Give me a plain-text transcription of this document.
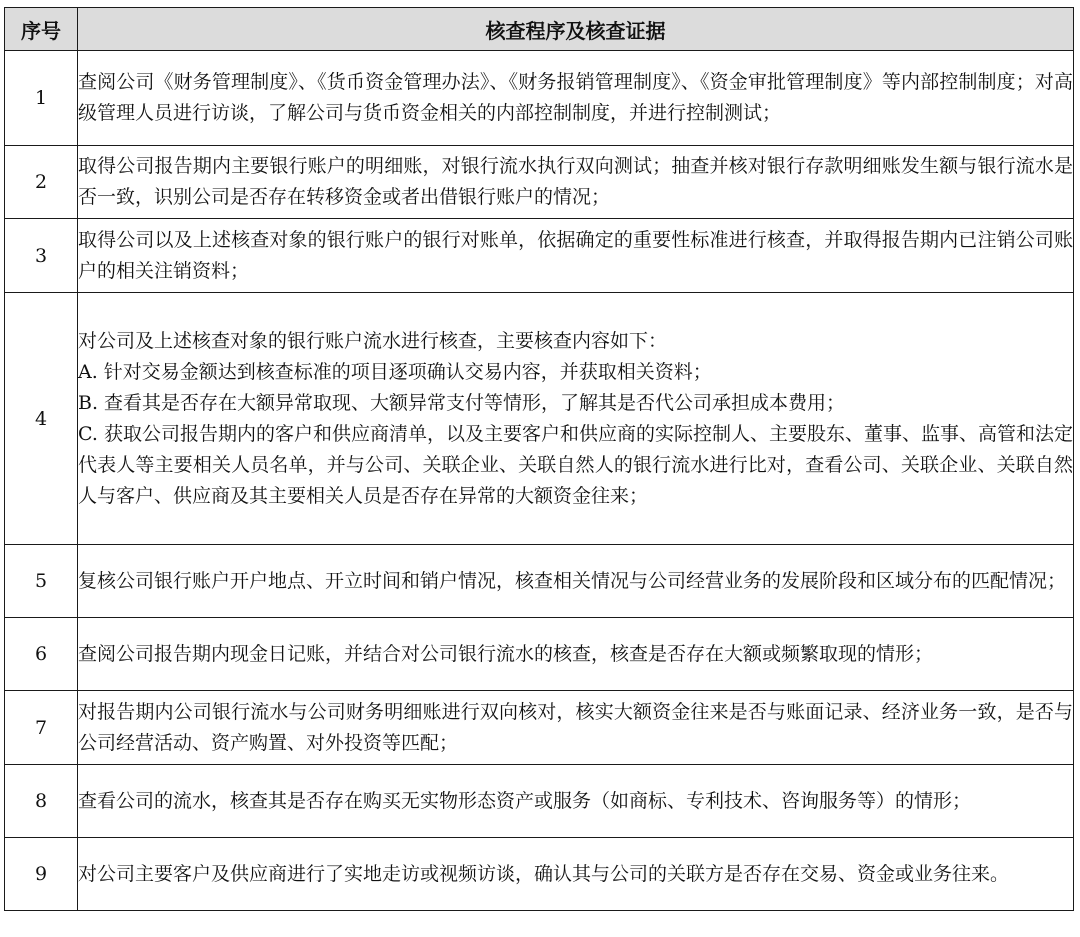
序号	核查程序及核查证据
1	查阅公司《财务管理制度》、《货币资金管理办法》、《财务报销管理制度》、《资金审批管理制度》等内部控制制度；对高级管理人员进行访谈，了解公司与货币资金相关的内部控制制度，并进行控制测试；

2	取得公司报告期内主要银行账户的明细账，对银行流水执行双向测试；抽查并核对银行存款明细账发生额与银行流水是否一致，识别公司是否存在转移资金或者出借银行账户的情况；

3	取得公司以及上述核查对象的银行账户的银行对账单，依据确定的重要性标准进行核查，并取得报告期内已注销公司账户的相关注销资料；

4	对公司及上述核查对象的银行账户流水进行核查，主要核查内容如下：
A. 针对交易金额达到核查标准的项目逐项确认交易内容，并获取相关资料；
B. 查看其是否存在大额异常取现、大额异常支付等情形，了解其是否代公司承担成本费用；
C. 获取公司报告期内的客户和供应商清单，以及主要客户和供应商的实际控制人、主要股东、董事、监事、高管和法定代表人等主要相关人员名单，并与公司、关联企业、关联自然人的银行流水进行比对，查看公司、关联企业、关联自然人与客户、供应商及其主要相关人员是否存在异常的大额资金往来；

5	复核公司银行账户开户地点、开立时间和销户情况，核查相关情况与公司经营业务的发展阶段和区域分布的匹配情况；

6	查阅公司报告期内现金日记账，并结合对公司银行流水的核查，核查是否存在大额或频繁取现的情形；

7	对报告期内公司银行流水与公司财务明细账进行双向核对，核实大额资金往来是否与账面记录、经济业务一致，是否与公司经营活动、资产购置、对外投资等匹配；

8	查看公司的流水，核查其是否存在购买无实物形态资产或服务（如商标、专利技术、咨询服务等）的情形；

9	对公司主要客户及供应商进行了实地走访或视频访谈，确认其与公司的关联方是否存在交易、资金或业务往来。
